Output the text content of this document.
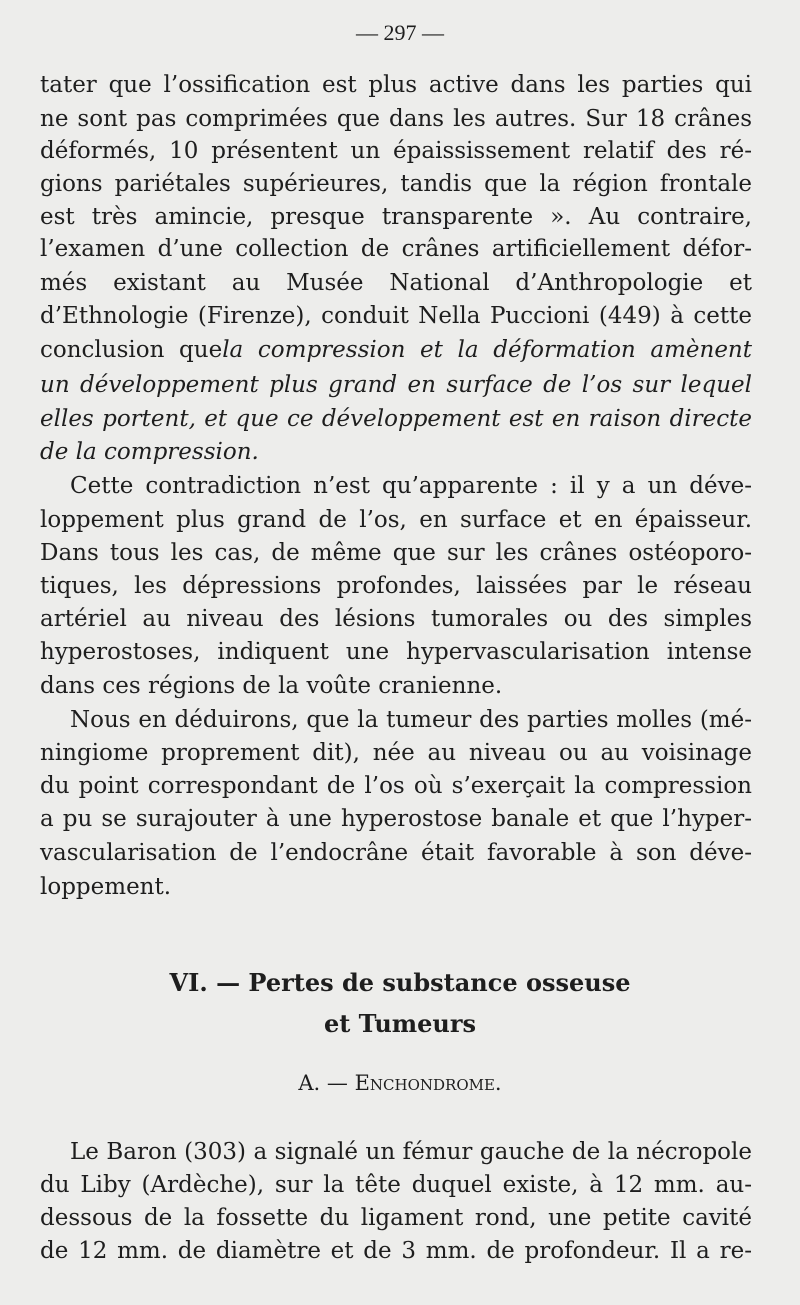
— 297 —
tater que l’ossification est plus active dans les parties qui
ne sont pas comprimées que dans les autres. Sur 18 crânes
déformés, 10 présentent un épaississement relatif des ré-
gions pariétales supérieures, tandis que la région frontale
est très amincie, presque transparente ». Au contraire,
l’examen d’une collection de crânes artificiellement défor-
més existant au Musée National d’Anthropologie et
d’Ethnologie (Firenze), conduit Nella Puccioni (449) à cette
conclusion quela compression et la déformation amènent
un développement plus grand en surface de l’os sur lequel
elles portent, et que ce développement est en raison directe
de la compression.
Cette contradiction n’est qu’apparente : il y a un déve-
loppement plus grand de l’os, en surface et en épaisseur.
Dans tous les cas, de même que sur les crânes ostéoporo-
tiques, les dépressions profondes, laissées par le réseau
artériel au niveau des lésions tumorales ou des simples
hyperostoses, indiquent une hypervascularisation intense
dans ces régions de la voûte cranienne.
Nous en déduirons, que la tumeur des parties molles (mé-
ningiome proprement dit), née au niveau ou au voisinage
du point correspondant de l’os où s’exerçait la compression
a pu se surajouter à une hyperostose banale et que l’hyper-
vascularisation de l’endocrâne était favorable à son déve-
loppement.
VI. — Pertes de substance osseuse
et Tumeurs
A. — Enchondrome.
Le Baron (303) a signalé un fémur gauche de la nécropole
du Liby (Ardèche), sur la tête duquel existe, à 12 mm. au-
dessous de la fossette du ligament rond, une petite cavité
de 12 mm. de diamètre et de 3 mm. de profondeur. Il a re-
